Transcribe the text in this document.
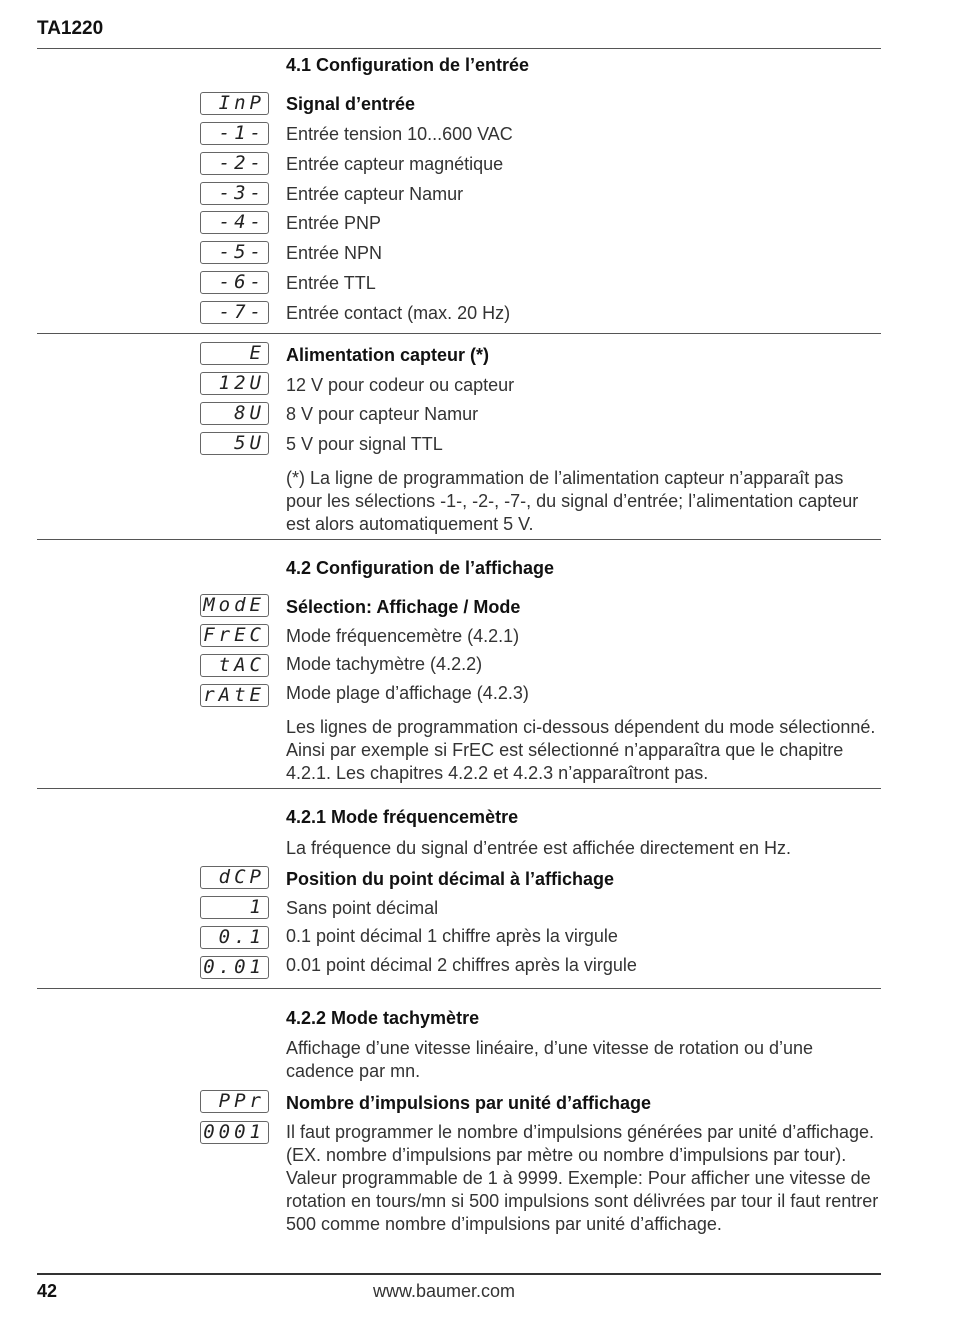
TA1220
4.1 Configuration de l’entrée
InP Signal d’entrée
-1- Entrée tension 10...600 VAC
-2- Entrée capteur magnétique
-3- Entrée capteur Namur
-4- Entrée PNP
-5- Entrée NPN
-6- Entrée TTL
-7- Entrée contact (max. 20 Hz)
E Alimentation capteur (*)
12U 12 V pour codeur ou capteur
8U 8 V pour capteur Namur
5U 5 V pour signal TTL
(*) La ligne de programmation de l’alimentation capteur n’apparaît pas pour les sélections -1-, -2-, -7-, du signal d’entrée; l’alimentation capteur est alors automatiquement 5 V.
4.2 Configuration de l’affichage
ModE Sélection: Affichage / Mode
FrEC Mode fréquencemètre (4.2.1)
tAC Mode tachymètre (4.2.2)
rAtE Mode plage d’affichage (4.2.3)
Les lignes de programmation ci-dessous dépendent du mode sélectionné. Ainsi par exemple si FrEC est sélectionné n’apparaîtra que le chapitre 4.2.1. Les chapitres 4.2.2 et 4.2.3 n’apparaîtront pas.
4.2.1 Mode fréquencemètre
La fréquence du signal d’entrée est affichée directement en Hz.
dCP Position du point décimal à l’affichage
1 Sans point décimal
0.1 0.1 point décimal 1 chiffre après la virgule
0.01 0.01 point décimal 2 chiffres après la virgule
4.2.2 Mode tachymètre
Affichage d’une vitesse linéaire, d’une vitesse de rotation ou d’une cadence par mn.
PPr Nombre d’impulsions par unité d’affichage
0001 Il faut programmer le nombre d’impulsions générées par unité d’affichage. (EX. nombre d’impulsions par mètre ou nombre d’impulsions par tour). Valeur programmable de 1 à 9999. Exemple: Pour afficher une vitesse de rotation en tours/mn si 500 impulsions sont délivrées par tour il faut rentrer 500 comme nombre d’impulsions par unité d’affichage.
42	www.baumer.com
